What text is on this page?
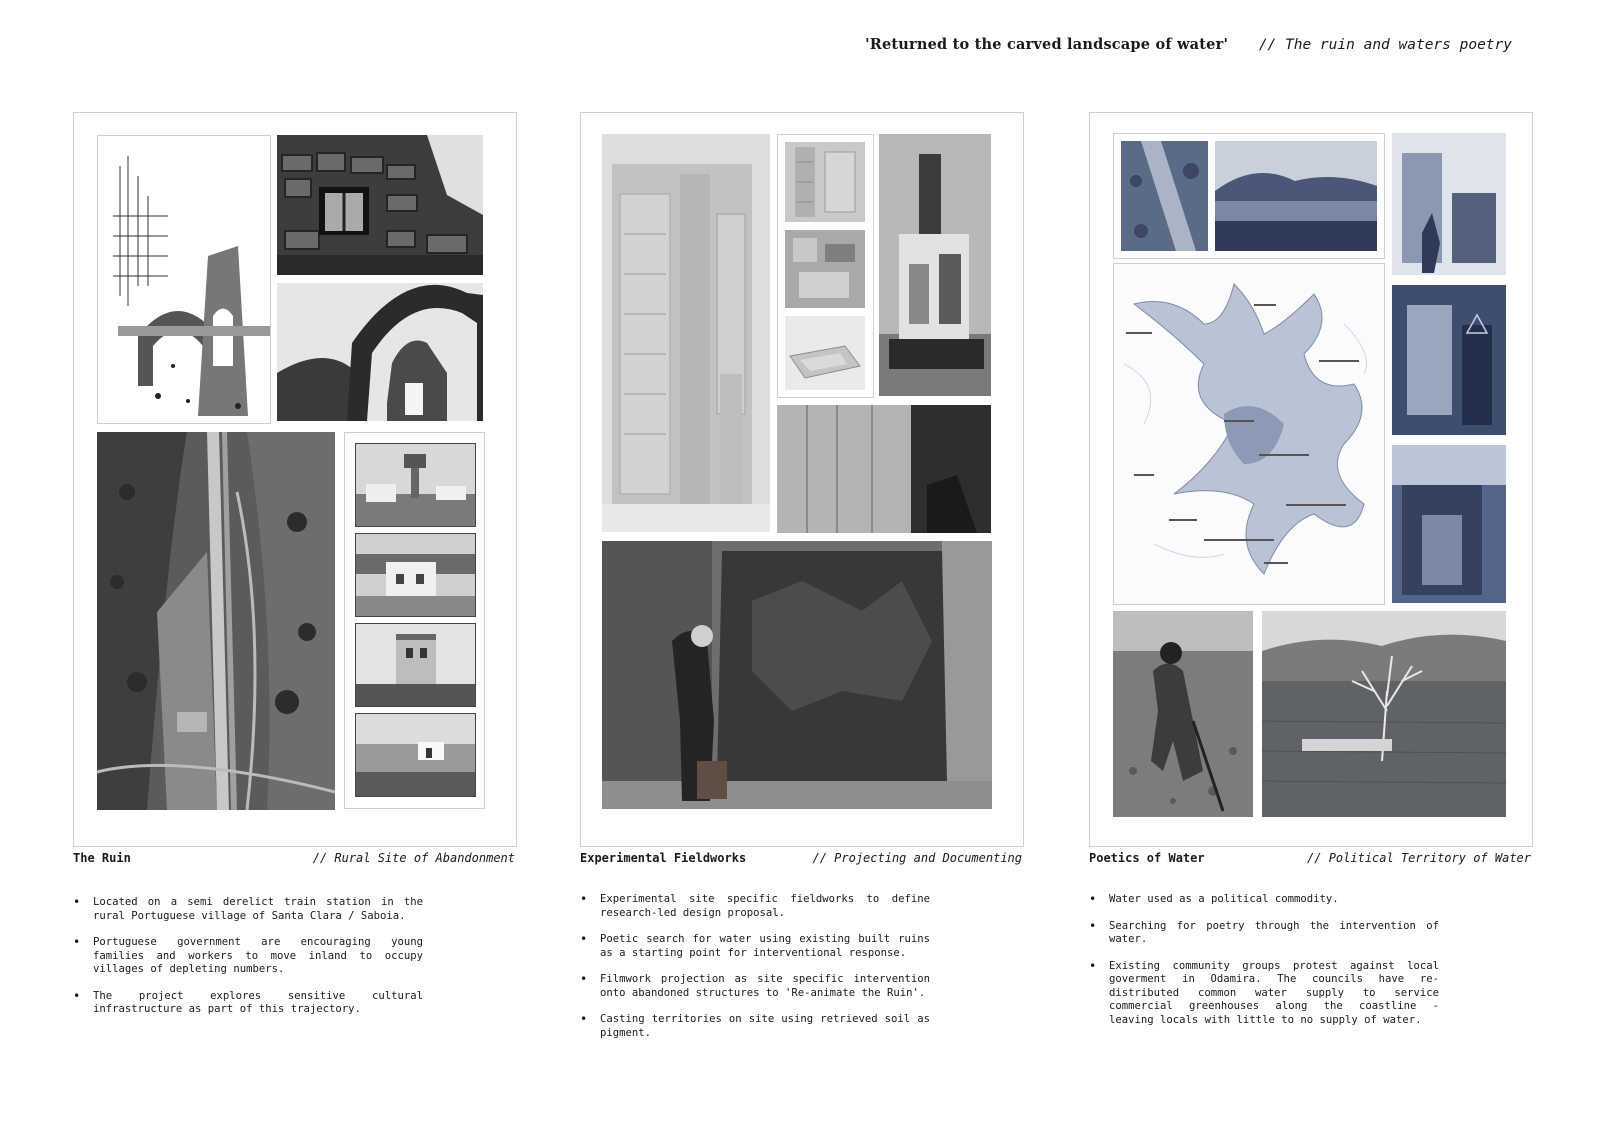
'Returned to the carved landscape of water' // The ruin and waters poetry
The Ruin	// Rural Site of Abandonment	Experimental Fieldworks	// Projecting and Documenting	Poetics of Water	// Political Territory of Water
• Located on a semi derelict train station in the rural Portuguese village of Santa Clara / Saboia.
• Portuguese government are encouraging young families and workers to move inland to occupy villages of depleting numbers.
• The project explores sensitive cultural infrastructure as part of this trajectory.
• Experimental site specific fieldworks to define research-led design proposal.
• Poetic search for water using existing built ruins as a starting point for interventional response.
• Filmwork projection as site specific intervention onto abandoned structures to 'Re-animate the Ruin'.
• Casting territories on site using retrieved soil as pigment.
• Water used as a political commodity.
• Searching for poetry through the intervention of water.
• Existing community groups protest against local goverment in Odamira. The councils have re-distributed common water supply to service commercial greenhouses along the coastline - leaving locals with little to no supply of water.
